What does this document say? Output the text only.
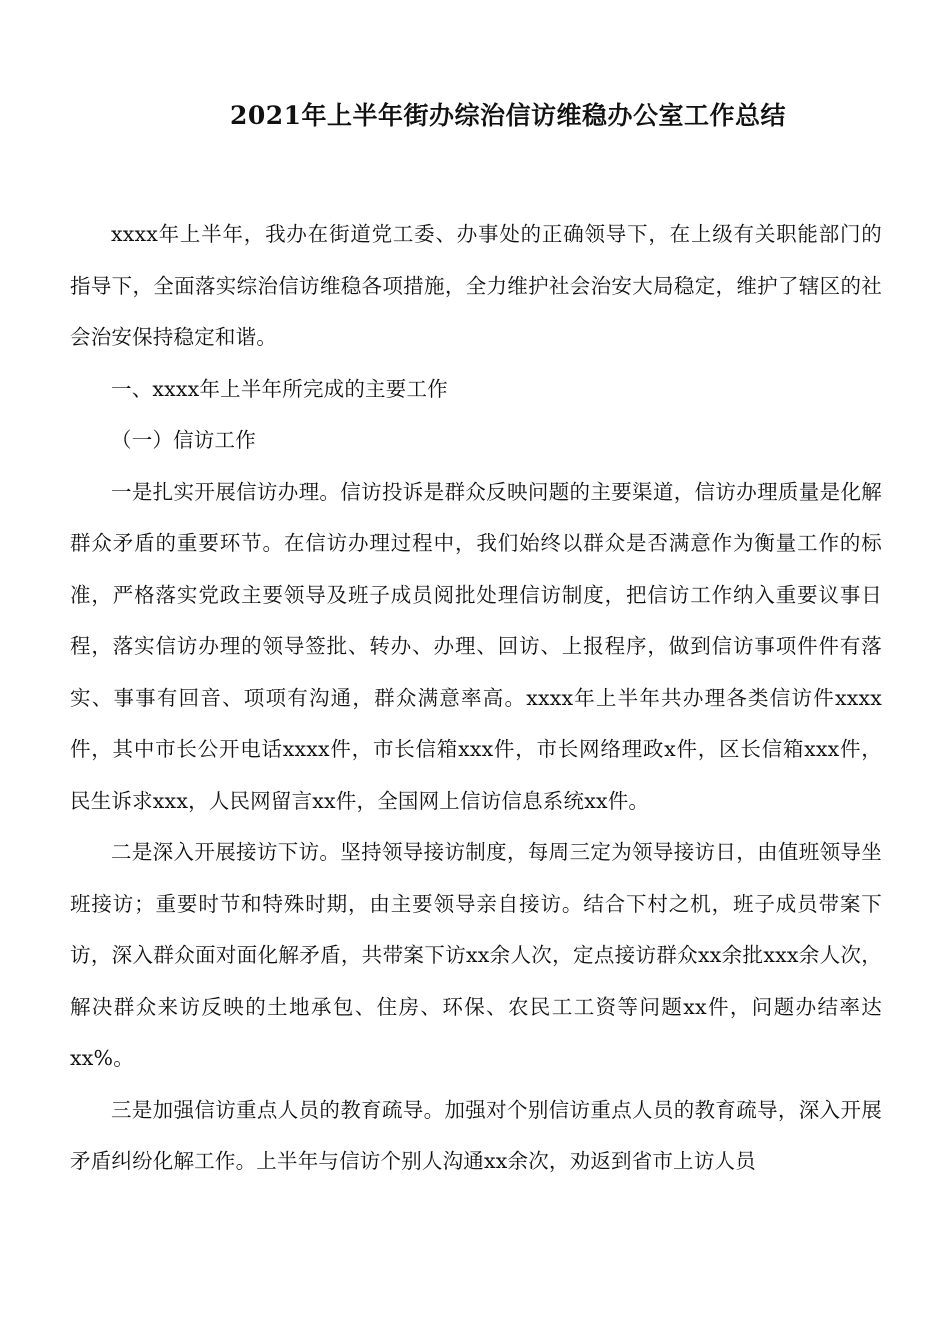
2021年上半年街办综治信访维稳办公室工作总结

xxxx年上半年，我办在街道党工委、办事处的正确领导下，在上级有关职能部门的指导下，全面落实综治信访维稳各项措施，全力维护社会治安大局稳定，维护了辖区的社会治安保持稳定和谐。

一、xxxx年上半年所完成的主要工作

（一）信访工作

一是扎实开展信访办理。信访投诉是群众反映问题的主要渠道，信访办理质量是化解群众矛盾的重要环节。在信访办理过程中，我们始终以群众是否满意作为衡量工作的标准，严格落实党政主要领导及班子成员阅批处理信访制度，把信访工作纳入重要议事日程，落实信访办理的领导签批、转办、办理、回访、上报程序，做到信访事项件件有落实、事事有回音、项项有沟通，群众满意率高。xxxx年上半年共办理各类信访件xxxx件，其中市长公开电话xxxx件，市长信箱xxx件，市长网络理政x件，区长信箱xxx件，民生诉求xxx，人民网留言xx件，全国网上信访信息系统xx件。

二是深入开展接访下访。坚持领导接访制度，每周三定为领导接访日，由值班领导坐班接访；重要时节和特殊时期，由主要领导亲自接访。结合下村之机，班子成员带案下访，深入群众面对面化解矛盾，共带案下访xx余人次，定点接访群众xx余批xxx余人次，解决群众来访反映的土地承包、住房、环保、农民工工资等问题xx件，问题办结率达xx%。

三是加强信访重点人员的教育疏导。加强对个别信访重点人员的教育疏导，深入开展矛盾纠纷化解工作。上半年与信访个别人沟通xx余次，劝返到省市上访人员
